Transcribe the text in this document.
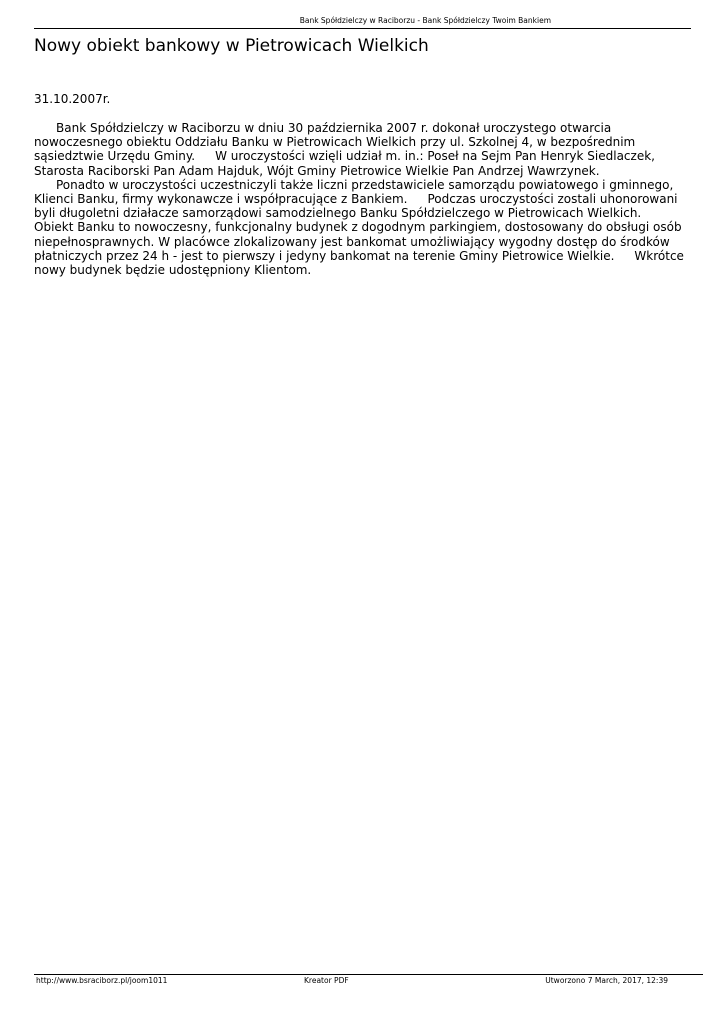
Bank Spółdzielczy w Raciborzu - Bank Spółdzielczy Twoim Bankiem
Nowy obiekt bankowy w Pietrowicach Wielkich
31.10.2007r.

Bank Spółdzielczy w Raciborzu w dniu 30 października 2007 r. dokonał uroczystego otwarcia nowoczesnego obiektu Oddziału Banku w Pietrowicach Wielkich przy ul. Szkolnej 4, w bezpośrednim sąsiedztwie Urzędu Gminy. W uroczystości wzięli udział m. in.: Poseł na Sejm Pan Henryk Siedlaczek, Starosta Raciborski Pan Adam Hajduk, Wójt Gminy Pietrowice Wielkie Pan Andrzej Wawrzynek.

Ponadto w uroczystości uczestniczyli także liczni przedstawiciele samorządu powiatowego i gminnego, Klienci Banku, firmy wykonawcze i współpracujące z Bankiem. Podczas uroczystości zostali uhonorowani byli długoletni działacze samorządowi samodzielnego Banku Spółdzielczego w Pietrowicach Wielkich.Obiekt Banku to nowoczesny, funkcjonalny budynek z dogodnym parkingiem, dostosowany do obsługi osób niepełnosprawnych. W placówce zlokalizowany jest bankomat umożliwiający wygodny dostęp do środków płatniczych przez 24 h - jest to pierwszy i jedyny bankomat na terenie Gminy Pietrowice Wielkie. Wkrótce nowy budynek będzie udostępniony Klientom.

http://www.bsraciborz.pl/joom1011	Kreator PDF	Utworzono 7 March, 2017, 12:39
